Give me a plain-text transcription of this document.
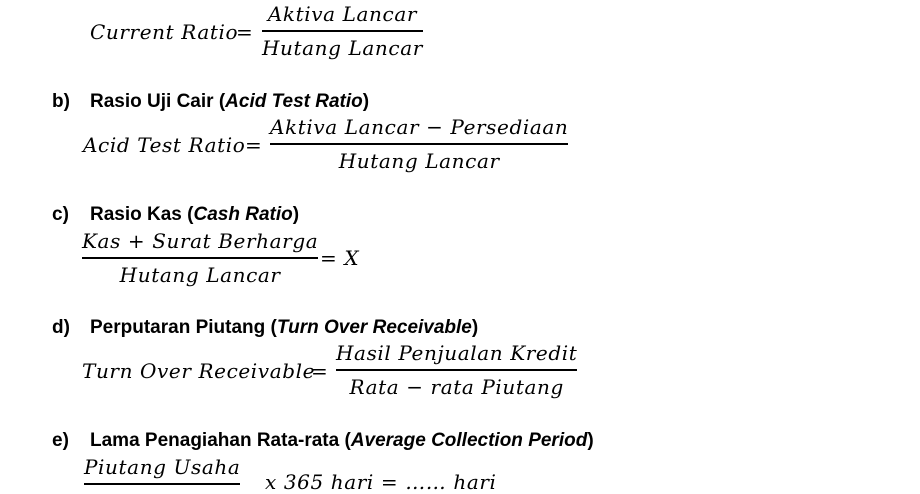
Current Ratio
=
Aktiva Lancar
Hutang Lancar
b) Rasio Uji Cair (Acid Test Ratio)
Acid Test Ratio =
Aktiva Lancar − Persediaan
Hutang Lancar
c) Rasio Kas (Cash Ratio)
Kas + Surat Berharga
Hutang Lancar
= X
d) Perputaran Piutang (Turn Over Receivable)
Turn Over Receivable
=
Hasil Penjualan Kredit
Rata − rata Piutang
e) Lama Penagiahan Rata-rata (Average Collection Period)
Piutang Usaha
x 365 hari = …… hari
